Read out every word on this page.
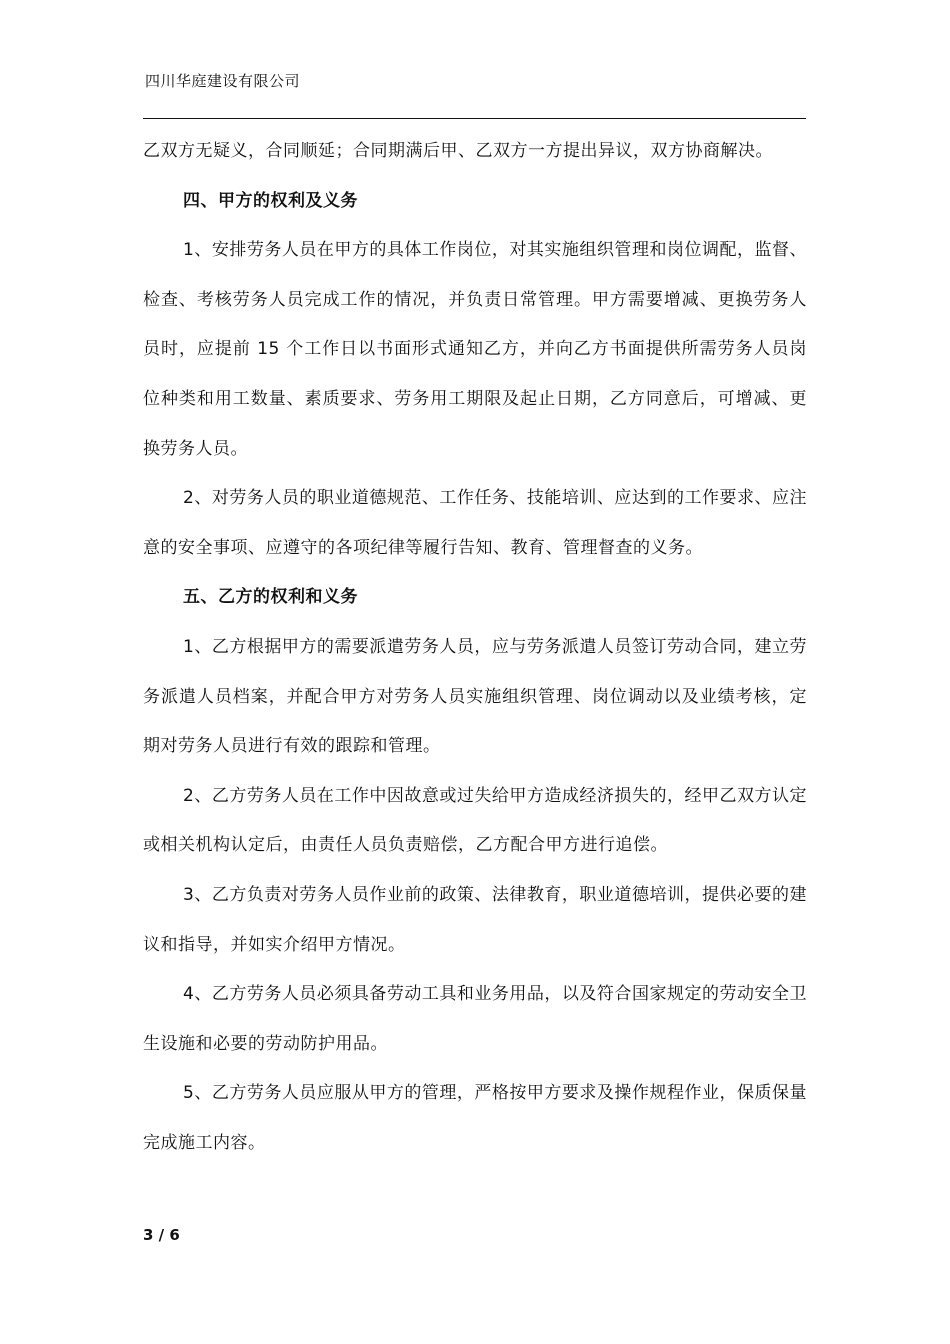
四川华庭建设有限公司

乙双方无疑义，合同顺延；合同期满后甲、乙双方一方提出异议，双方协商解决。

四、甲方的权利及义务

1、安排劳务人员在甲方的具体工作岗位，对其实施组织管理和岗位调配，监督、检查、考核劳务人员完成工作的情况，并负责日常管理。甲方需要增减、更换劳务人员时，应提前 15 个工作日以书面形式通知乙方，并向乙方书面提供所需劳务人员岗位种类和用工数量、素质要求、劳务用工期限及起止日期，乙方同意后，可增减、更换劳务人员。

2、对劳务人员的职业道德规范、工作任务、技能培训、应达到的工作要求、应注意的安全事项、应遵守的各项纪律等履行告知、教育、管理督查的义务。

五、乙方的权利和义务

1、乙方根据甲方的需要派遣劳务人员，应与劳务派遣人员签订劳动合同，建立劳务派遣人员档案，并配合甲方对劳务人员实施组织管理、岗位调动以及业绩考核，定期对劳务人员进行有效的跟踪和管理。

2、乙方劳务人员在工作中因故意或过失给甲方造成经济损失的，经甲乙双方认定或相关机构认定后，由责任人员负责赔偿，乙方配合甲方进行追偿。

3、乙方负责对劳务人员作业前的政策、法律教育，职业道德培训，提供必要的建议和指导，并如实介绍甲方情况。

4、乙方劳务人员必须具备劳动工具和业务用品，以及符合国家规定的劳动安全卫生设施和必要的劳动防护用品。

5、乙方劳务人员应服从甲方的管理，严格按甲方要求及操作规程作业，保质保量完成施工内容。

3 / 6
